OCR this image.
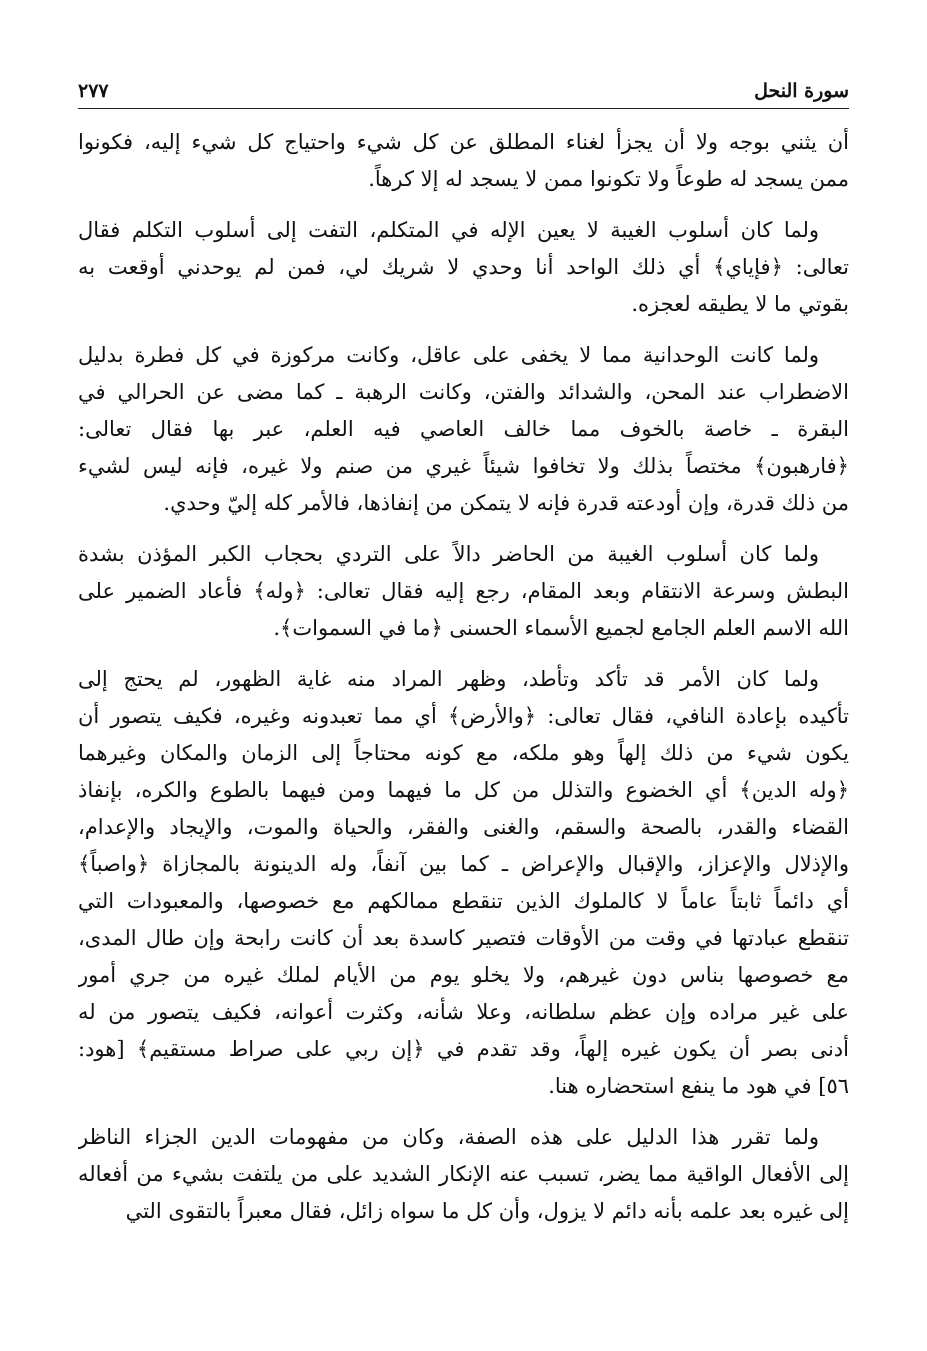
٢٧٧	سورة النحل
أن يثني بوجه ولا أن يجزأ لغناء المطلق عن كل شيء واحتياج كل شيء إليه، فكونوا
ممن يسجد له طوعاً ولا تكونوا ممن لا يسجد له إلا كرهاً.
ولما كان أسلوب الغيبة لا يعين الإله في المتكلم، التفت إلى أسلوب التكلم فقال
تعالى: ﴿فإياي﴾ أي ذلك الواحد أنا وحدي لا شريك لي، فمن لم يوحدني أوقعت به
بقوتي ما لا يطيقه لعجزه.
ولما كانت الوحدانية مما لا يخفى على عاقل، وكانت مركوزة في كل فطرة بدليل
الاضطراب عند المحن، والشدائد والفتن، وكانت الرهبة ـ كما مضى عن الحرالي في
البقرة ـ خاصة بالخوف مما خالف العاصي فيه العلم، عبر بها فقال تعالى:
﴿فارهبون﴾ مختصاً بذلك ولا تخافوا شيئاً غيري من صنم ولا غيره، فإنه ليس لشيء
من ذلك قدرة، وإن أودعته قدرة فإنه لا يتمكن من إنفاذها، فالأمر كله إليّ وحدي.
ولما كان أسلوب الغيبة من الحاضر دالاً على التردي بحجاب الكبر المؤذن بشدة
البطش وسرعة الانتقام وبعد المقام، رجع إليه فقال تعالى: ﴿وله﴾ فأعاد الضمير على
الله الاسم العلم الجامع لجميع الأسماء الحسنى ﴿ما في السموات﴾.
ولما كان الأمر قد تأكد وتأطد، وظهر المراد منه غاية الظهور، لم يحتج إلى
تأكيده بإعادة النافي، فقال تعالى: ﴿والأرض﴾ أي مما تعبدونه وغيره، فكيف يتصور أن
يكون شيء من ذلك إلهاً وهو ملكه، مع كونه محتاجاً إلى الزمان والمكان وغيرهما
﴿وله الدين﴾ أي الخضوع والتذلل من كل ما فيهما ومن فيهما بالطوع والكره، بإنفاذ
القضاء والقدر، بالصحة والسقم، والغنى والفقر، والحياة والموت، والإيجاد والإعدام،
والإذلال والإعزاز، والإقبال والإعراض ـ كما بين آنفاً، وله الدينونة بالمجازاة ﴿واصباً﴾
أي دائماً ثابتاً عاماً لا كالملوك الذين تنقطع ممالكهم مع خصوصها، والمعبودات التي
تنقطع عبادتها في وقت من الأوقات فتصير كاسدة بعد أن كانت رابحة وإن طال المدى،
مع خصوصها بناس دون غيرهم، ولا يخلو يوم من الأيام لملك غيره من جري أمور
على غير مراده وإن عظم سلطانه، وعلا شأنه، وكثرت أعوانه، فكيف يتصور من له
أدنى بصر أن يكون غيره إلهاً، وقد تقدم في ﴿إن ربي على صراط مستقيم﴾ [هود:
٥٦] في هود ما ينفع استحضاره هنا.
ولما تقرر هذا الدليل على هذه الصفة، وكان من مفهومات الدين الجزاء الناظر
إلى الأفعال الواقية مما يضر، تسبب عنه الإنكار الشديد على من يلتفت بشيء من أفعاله
إلى غيره بعد علمه بأنه دائم لا يزول، وأن كل ما سواه زائل، فقال معبراً بالتقوى التي
